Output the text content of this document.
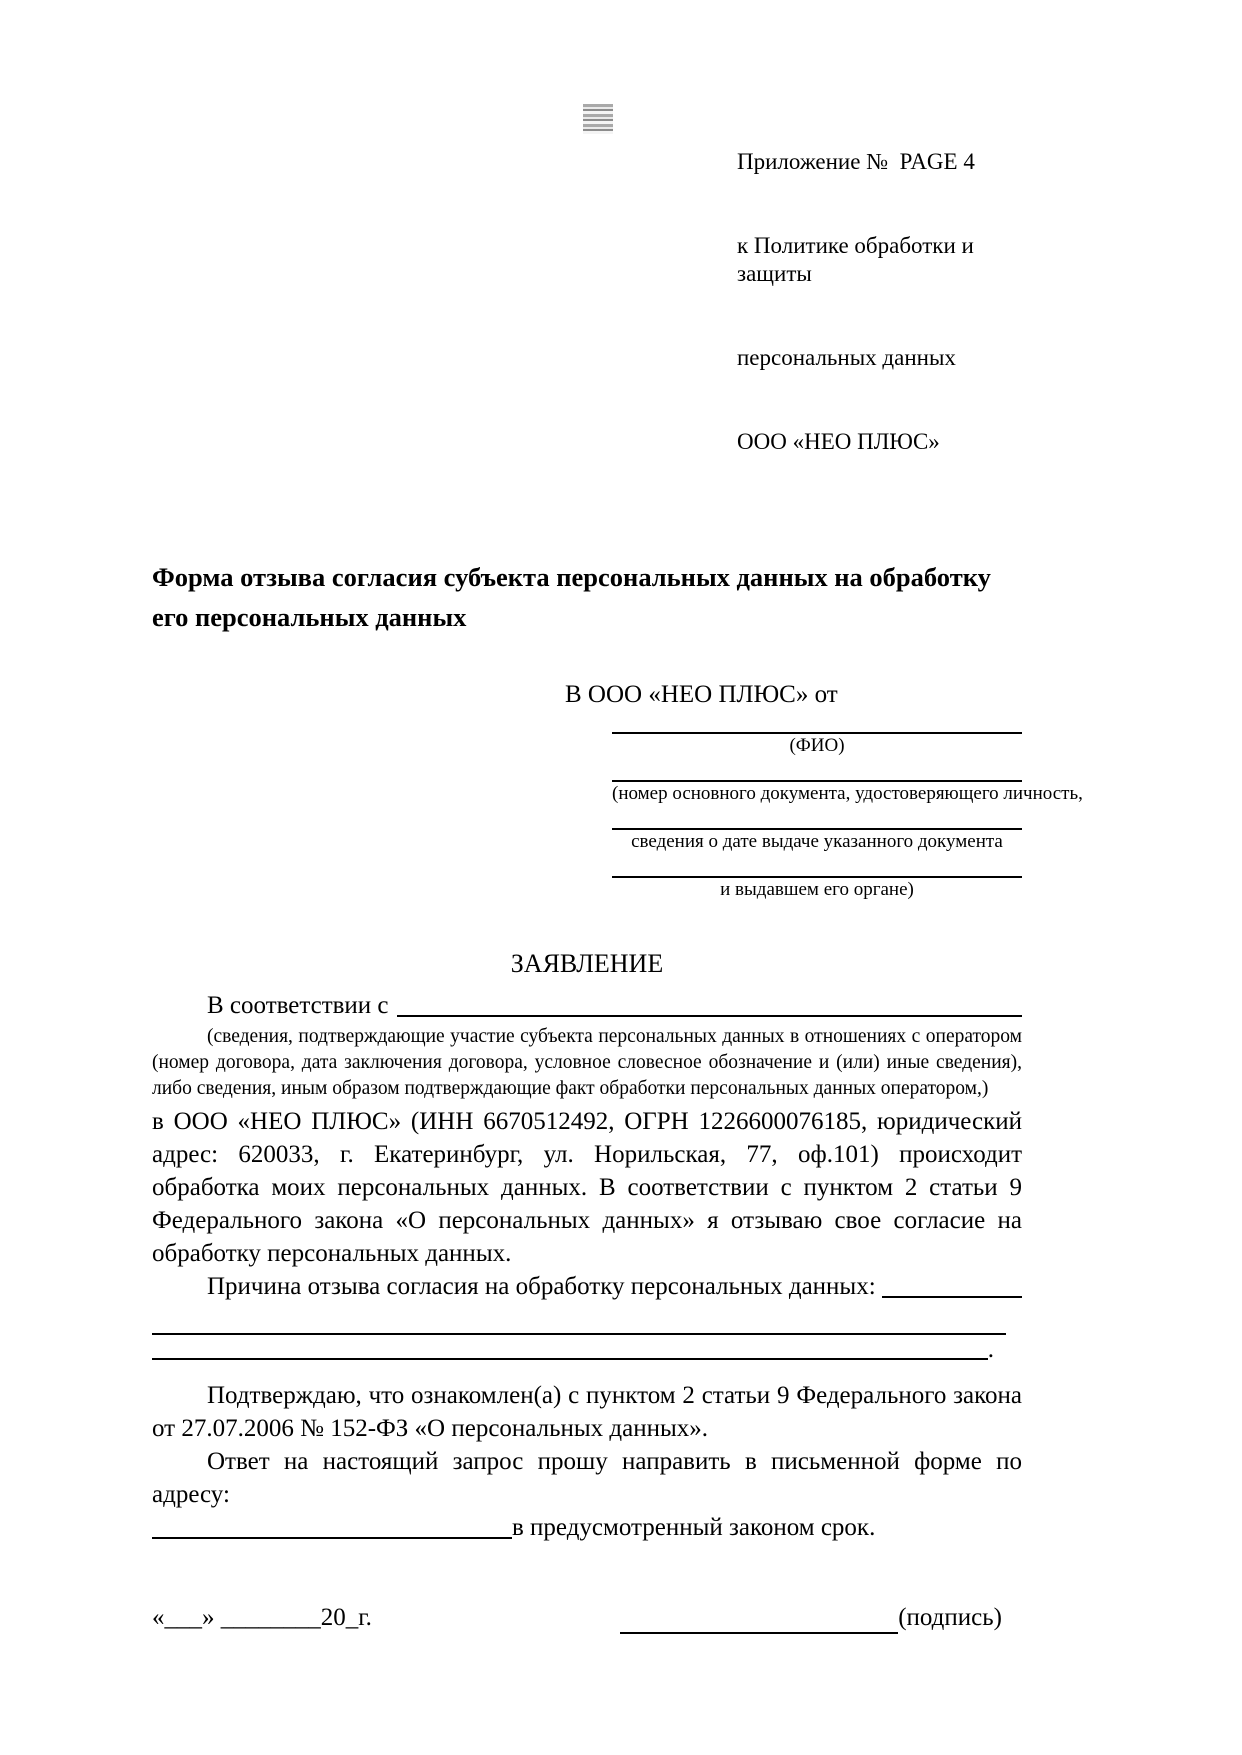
Приложение №  PAGE 4

к Политике обработки и защиты

персональных данных

ООО «НЕО ПЛЮС»

Форма отзыва согласия субъекта персональных данных на обработку его персональных данных
В ООО «НЕО ПЛЮС» от
(ФИО)
(номер основного документа, удостоверяющего личность,
сведения о дате выдаче указанного документа
и выдавшем его органе)
ЗАЯВЛЕНИЕ
В соответствии с

(сведения, подтверждающие участие субъекта персональных данных в отношениях с оператором (номер договора, дата заключения договора, условное словесное обозначение и (или) иные сведения), либо сведения, иным образом подтверждающие факт обработки персональных данных оператором,)

в ООО «НЕО ПЛЮС» (ИНН 6670512492, ОГРН 1226600076185, юридический адрес: 620033, г. Екатеринбург, ул. Норильская, 77, оф.101) происходит обработка моих персональных данных. В соответствии с пунктом 2 статьи 9 Федерального закона «О персональных данных» я отзываю свое согласие на обработку персональных данных.

Причина отзыва согласия на обработку персональных данных:
.

Подтверждаю, что ознакомлен(а) с пунктом 2 статьи 9 Федерального закона от 27.07.2006 № 152-ФЗ «О персональных данных».

Ответ на настоящий запрос прошу направить в письменной форме по адресу:

в предусмотренный законом срок.
«___» ________20_г.	(подпись)
